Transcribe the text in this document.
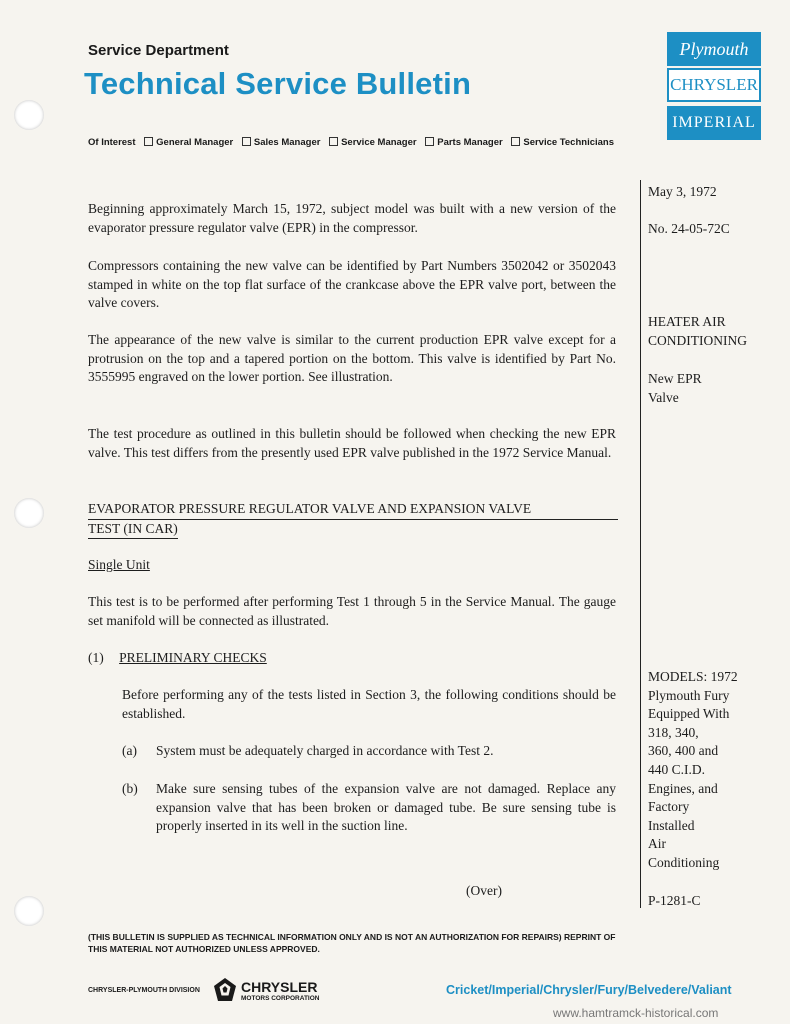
Service Department
Technical Service Bulletin
Of Interest General Manager Sales Manager Service Manager Parts Manager Service Technicians
Plymouth
CHRYSLER
IMPERIAL
May 3, 1972
No. 24-05-72C
HEATER AIR
CONDITIONING
New EPR
Valve
MODELS: 1972
Plymouth Fury
Equipped With
318, 340,
360, 400 and
440 C.I.D.
Engines, and
Factory
Installed
Air
Conditioning
P-1281-C

Beginning approximately March 15, 1972, subject model was built with a new version of the evaporator pressure regulator valve (EPR) in the compressor.

Compressors containing the new valve can be identified by Part Numbers 3502042 or 3502043 stamped in white on the top flat surface of the crankcase above the EPR valve port, between the valve covers.

The appearance of the new valve is similar to the current production EPR valve except for a protrusion on the top and a tapered portion on the bottom. This valve is identified by Part No. 3555995 engraved on the lower portion. See illustration.

The test procedure as outlined in this bulletin should be followed when checking the new EPR valve. This test differs from the presently used EPR valve published in the 1972 Service Manual.

EVAPORATOR PRESSURE REGULATOR VALVE AND EXPANSION VALVE
TEST (IN CAR)
Single Unit

This test is to be performed after performing Test 1 through 5 in the Service Manual. The gauge set manifold will be connected as illustrated.

(1) PRELIMINARY CHECKS

Before performing any of the tests listed in Section 3, the following conditions should be established.

(a)	System must be adequately charged in accordance with Test 2.
(b)	Make sure sensing tubes of the expansion valve are not damaged. Replace any expansion valve that has been broken or damaged tube. Be sure sensing tube is properly inserted in its well in the suction line.
(Over)
(THIS BULLETIN IS SUPPLIED AS TECHNICAL INFORMATION ONLY AND IS NOT AN AUTHORIZATION FOR REPAIRS) REPRINT OF THIS MATERIAL NOT AUTHORIZED UNLESS APPROVED.
CHRYSLER-PLYMOUTH DIVISION	CHRYSLER
MOTORS CORPORATION
Cricket/Imperial/Chrysler/Fury/Belvedere/Valiant
www.hamtramck-historical.com
